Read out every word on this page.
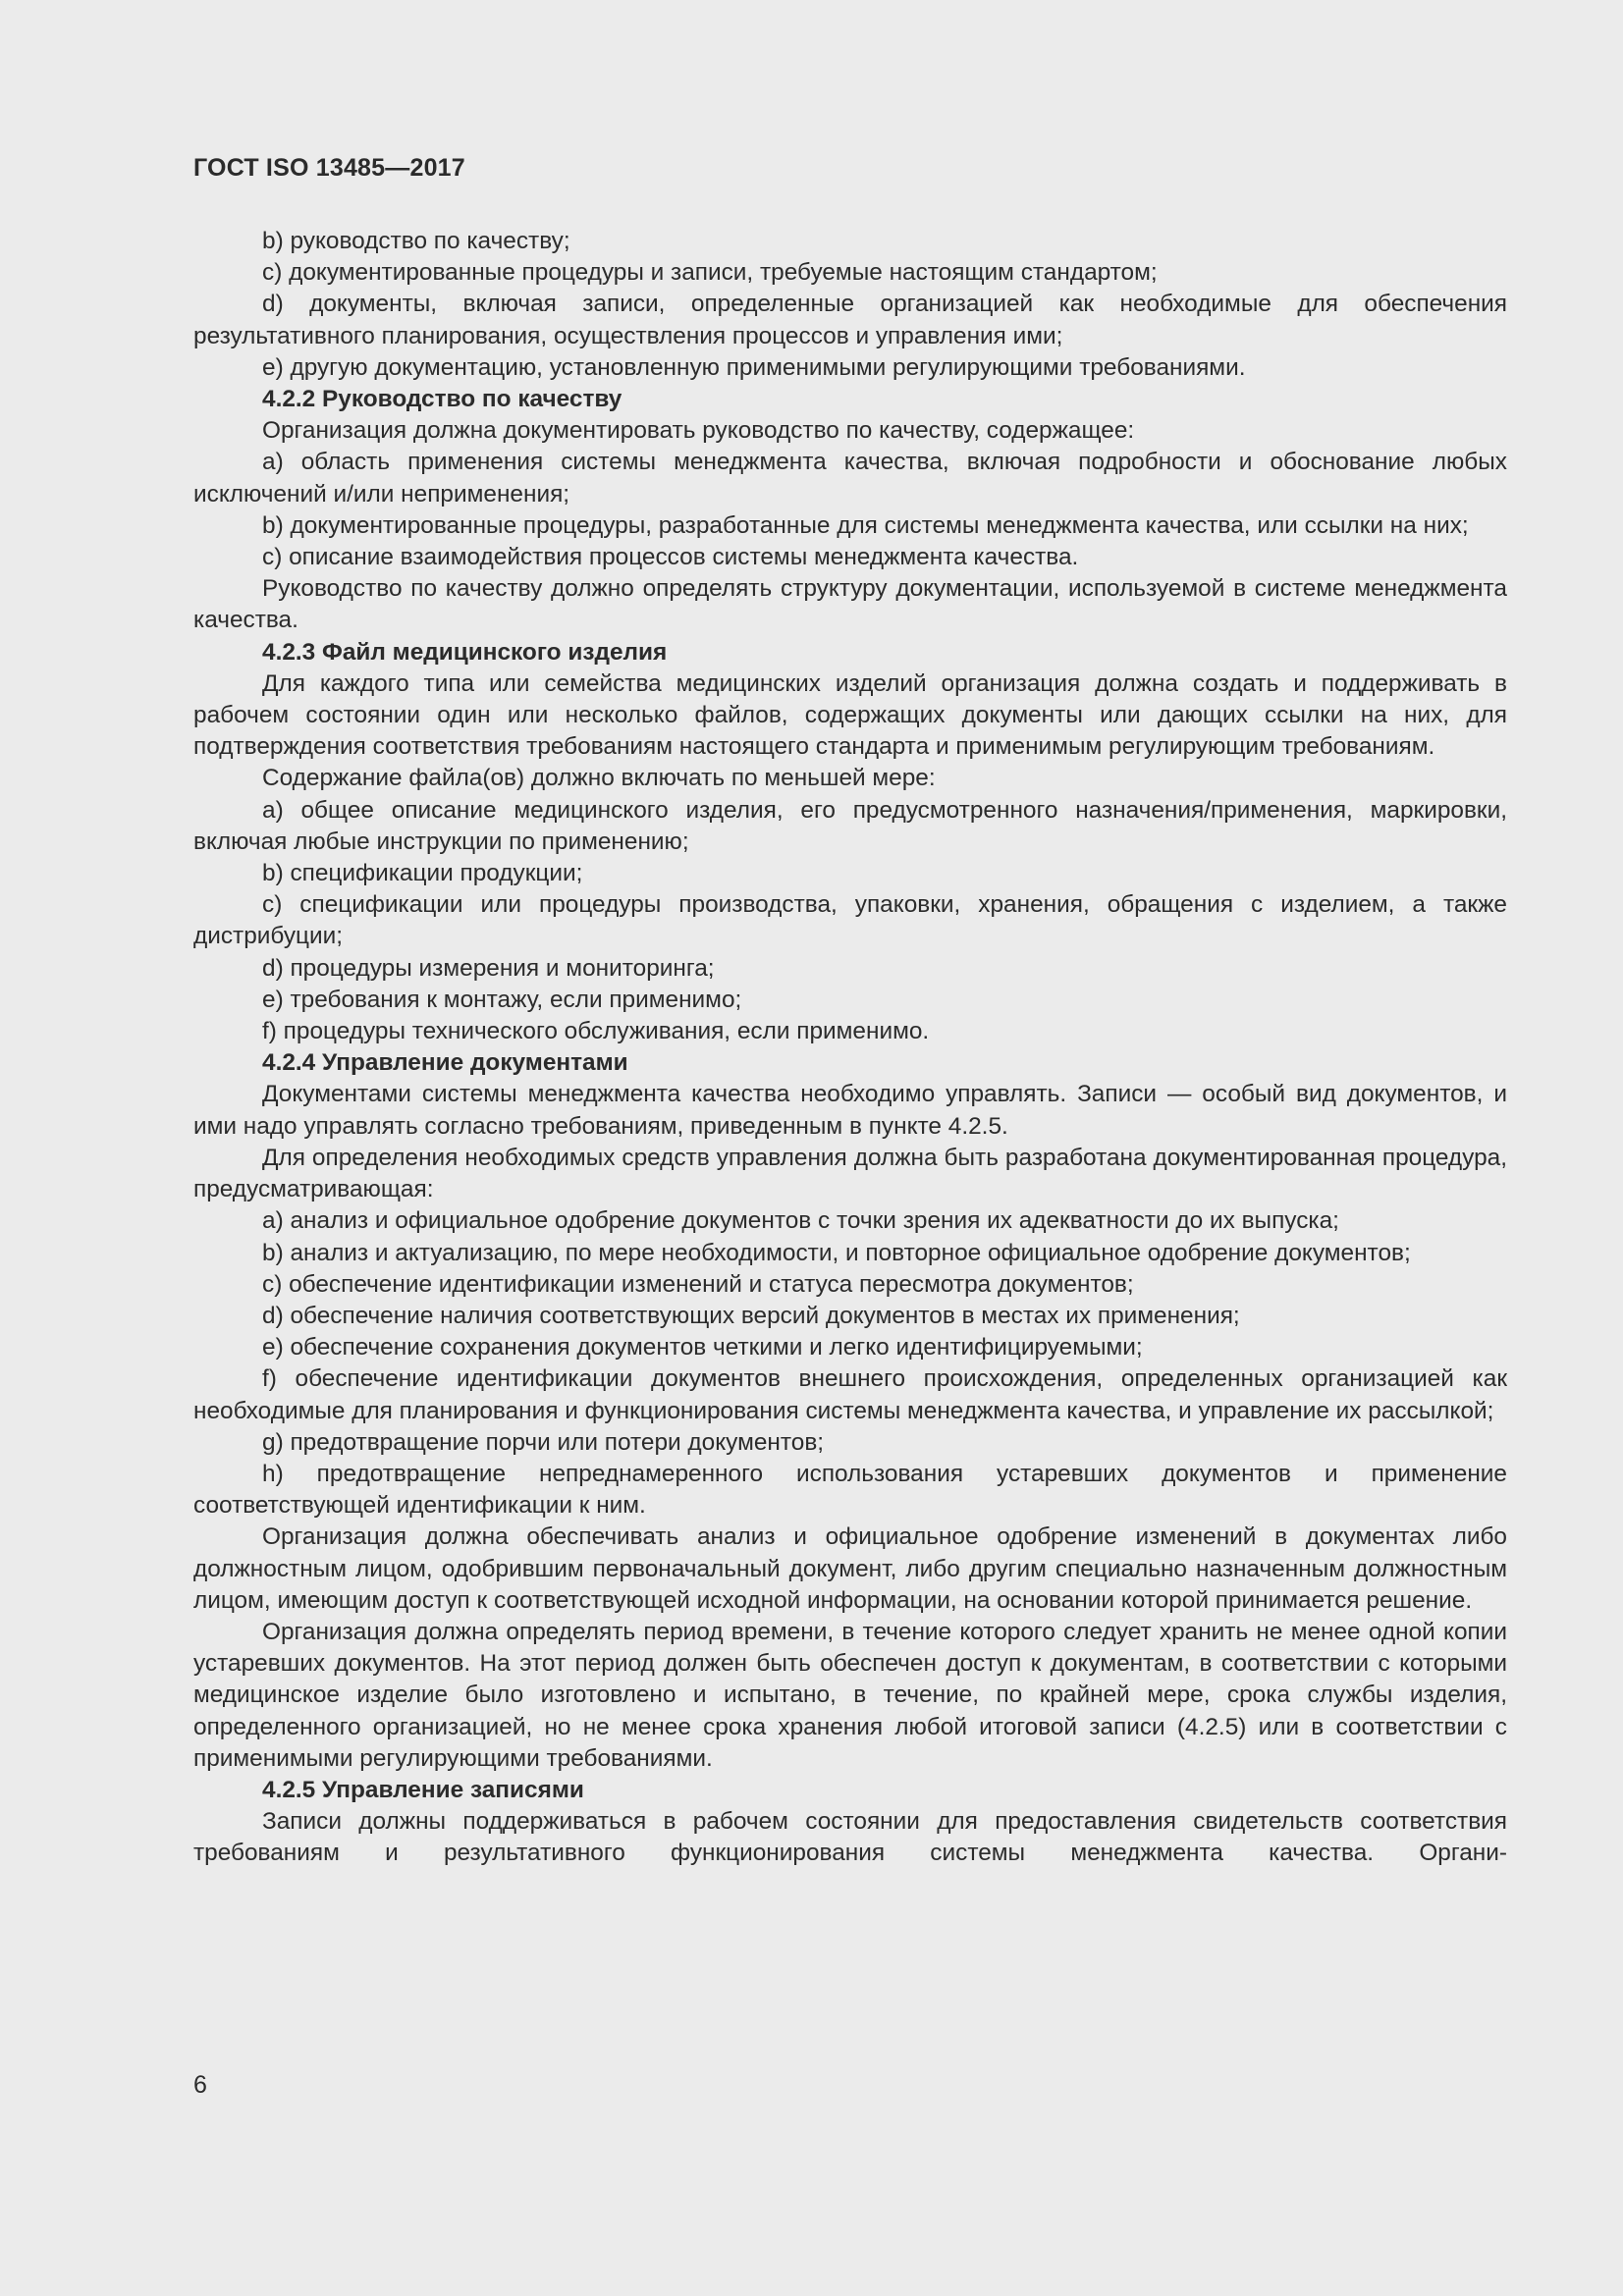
ГОСТ ISO 13485—2017

b) руководство по качеству;

c) документированные процедуры и записи, требуемые настоящим стандартом;

d) документы, включая записи, определенные организацией как необходимые для обеспечения результативного планирования, осуществления процессов и управления ими;

e) другую документацию, установленную применимыми регулирующими требованиями.

4.2.2 Руководство по качеству

Организация должна документировать руководство по качеству, содержащее:

a) область применения системы менеджмента качества, включая подробности и обоснование любых исключений и/или неприменения;

b) документированные процедуры, разработанные для системы менеджмента качества, или ссылки на них;

c) описание взаимодействия процессов системы менеджмента качества.

Руководство по качеству должно определять структуру документации, используемой в системе менеджмента качества.

4.2.3 Файл медицинского изделия

Для каждого типа или семейства медицинских изделий организация должна создать и поддерживать в рабочем состоянии один или несколько файлов, содержащих документы или дающих ссылки на них, для подтверждения соответствия требованиям настоящего стандарта и применимым регулирующим требованиям.

Содержание файла(ов) должно включать по меньшей мере:

a) общее описание медицинского изделия, его предусмотренного назначения/применения, маркировки, включая любые инструкции по применению;

b) спецификации продукции;

c) спецификации или процедуры производства, упаковки, хранения, обращения с изделием, а также дистрибуции;

d) процедуры измерения и мониторинга;

e) требования к монтажу, если применимо;

f) процедуры технического обслуживания, если применимо.

4.2.4 Управление документами

Документами системы менеджмента качества необходимо управлять. Записи — особый вид документов, и ими надо управлять согласно требованиям, приведенным в пункте 4.2.5.

Для определения необходимых средств управления должна быть разработана документированная процедура, предусматривающая:

a) анализ и официальное одобрение документов с точки зрения их адекватности до их выпуска;

b) анализ и актуализацию, по мере необходимости, и повторное официальное одобрение документов;

c) обеспечение идентификации изменений и статуса пересмотра документов;

d) обеспечение наличия соответствующих версий документов в местах их применения;

e) обеспечение сохранения документов четкими и легко идентифицируемыми;

f) обеспечение идентификации документов внешнего происхождения, определенных организацией как необходимые для планирования и функционирования системы менеджмента качества, и управление их рассылкой;

g) предотвращение порчи или потери документов;

h) предотвращение непреднамеренного использования устаревших документов и применение соответствующей идентификации к ним.

Организация должна обеспечивать анализ и официальное одобрение изменений в документах либо должностным лицом, одобрившим первоначальный документ, либо другим специально назначенным должностным лицом, имеющим доступ к соответствующей исходной информации, на основании которой принимается решение.

Организация должна определять период времени, в течение которого следует хранить не менее одной копии устаревших документов. На этот период должен быть обеспечен доступ к документам, в соответствии с которыми медицинское изделие было изготовлено и испытано, в течение, по крайней мере, срока службы изделия, определенного организацией, но не менее срока хранения любой итоговой записи (4.2.5) или в соответствии с применимыми регулирующими требованиями.

4.2.5 Управление записями

Записи должны поддерживаться в рабочем состоянии для предоставления свидетельств соответствия требованиям и результативного функционирования системы менеджмента качества. Органи-

6
